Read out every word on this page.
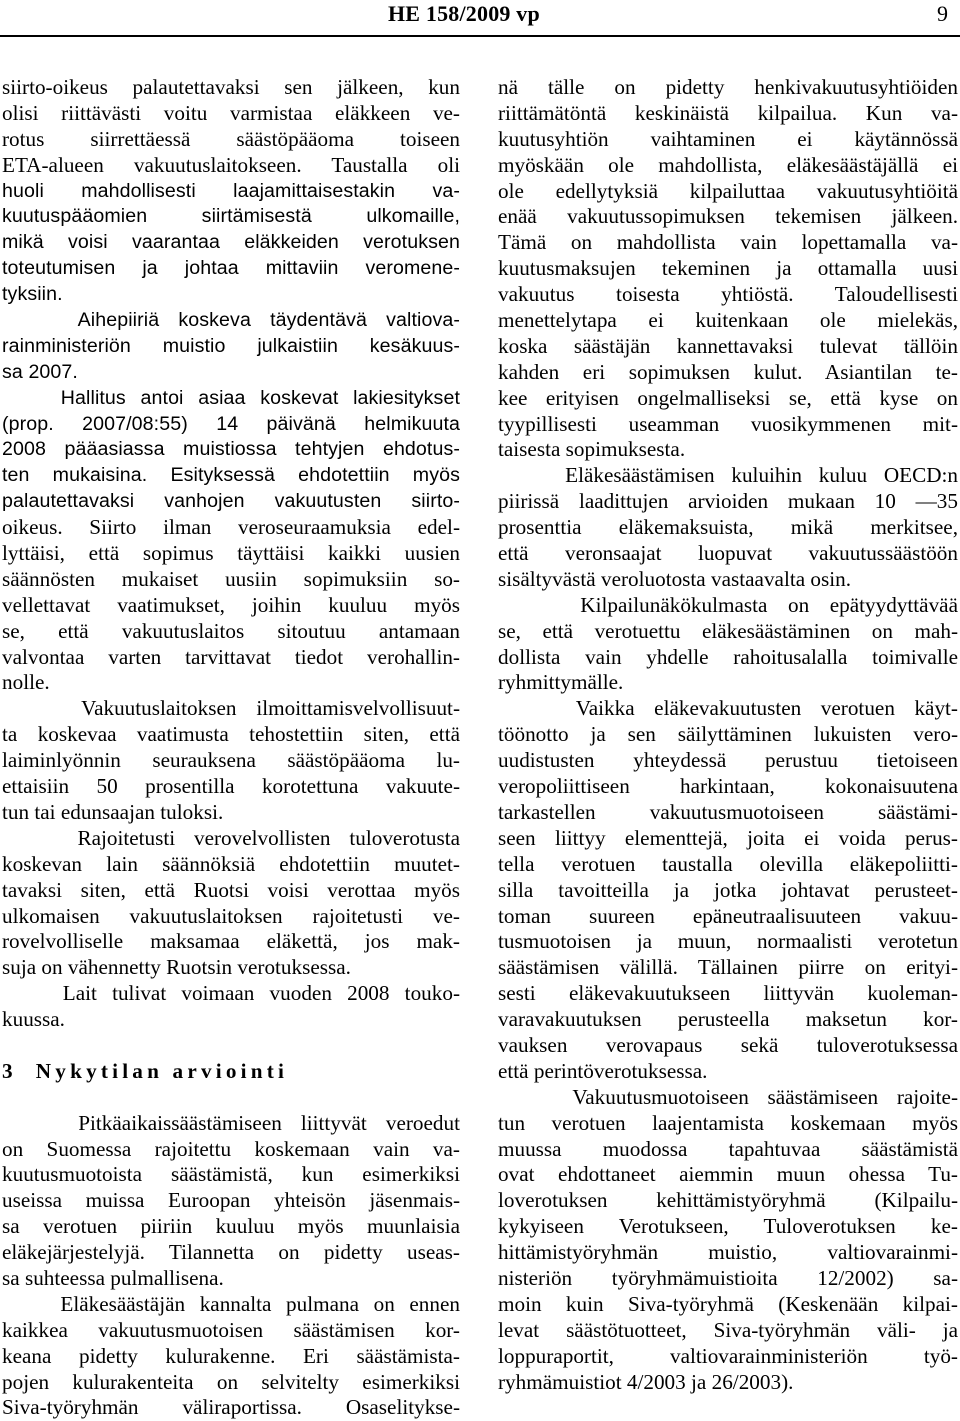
HE 158/2009 vp	9
siirto-oikeus palautettavaksi sen jälkeen, kun
olisi riittävästi voitu varmistaa eläkkeen ve-
rotus siirrettäessä säästöpääoma toiseen
ETA-alueen vakuutuslaitokseen. Taustalla oli
huoli mahdollisesti laajamittaisestakin va-
kuutuspääomien siirtämisestä ulkomaille,
mikä voisi vaarantaa eläkkeiden verotuksen
toteutumisen ja johtaa mittaviin veromene-
tyksiin.
Aihepiiriä koskeva täydentävä valtiova-
rainministeriön muistio julkaistiin kesäkuus-
sa 2007.
Hallitus antoi asiaa koskevat lakiesitykset
(prop. 2007/08:55) 14 päivänä helmikuuta
2008 pääasiassa muistiossa tehtyjen ehdotus-
ten mukaisina. Esityksessä ehdotettiin myös
palautettavaksi vanhojen vakuutusten siirto-
oikeus. Siirto ilman veroseuraamuksia edel-
lyttäisi, että sopimus täyttäisi kaikki uusien
säännösten mukaiset uusiin sopimuksiin so-
vellettavat vaatimukset, joihin kuuluu myös
se, että vakuutuslaitos sitoutuu antamaan
valvontaa varten tarvittavat tiedot verohallin-
nolle.
Vakuutuslaitoksen ilmoittamisvelvollisuut-
ta koskevaa vaatimusta tehostettiin siten, että
laiminlyönnin seurauksena säästöpääoma lu-
ettaisiin 50 prosentilla korotettuna vakuute-
tun tai edunsaajan tuloksi.
Rajoitetusti verovelvollisten tuloverotusta
koskevan lain säännöksiä ehdotettiin muutet-
tavaksi siten, että Ruotsi voisi verottaa myös
ulkomaisen vakuutuslaitoksen rajoitetusti ve-
rovelvolliselle maksamaa eläkettä, jos mak-
suja on vähennetty Ruotsin verotuksessa.
Lait tulivat voimaan vuoden 2008 touko-
kuussa.
3  Nykytilan arviointi
Pitkäaikaissäästämiseen liittyvät veroedut
on Suomessa rajoitettu koskemaan vain va-
kuutusmuotoista säästämistä, kun esimerkiksi
useissa muissa Euroopan yhteisön jäsenmais-
sa verotuen piiriin kuuluu myös muunlaisia
eläkejärjestelyjä. Tilannetta on pidetty useas-
sa suhteessa pulmallisena.
Eläkesäästäjän kannalta pulmana on ennen
kaikkea vakuutusmuotoisen säästämisen kor-
keana pidetty kulurakenne. Eri säästämista-
pojen kulurakenteita on selvitelty esimerkiksi
Siva-työryhmän väliraportissa. Osaselitykse-
nä tälle on pidetty henkivakuutusyhtiöiden
riittämätöntä keskinäistä kilpailua. Kun va-
kuutusyhtiön vaihtaminen ei käytännössä
myöskään ole mahdollista, eläkesäästäjällä ei
ole edellytyksiä kilpailuttaa vakuutusyhtiöitä
enää vakuutussopimuksen tekemisen jälkeen.
Tämä on mahdollista vain lopettamalla va-
kuutusmaksujen tekeminen ja ottamalla uusi
vakuutus toisesta yhtiöstä. Taloudellisesti
menettelytapa ei kuitenkaan ole mielekäs,
koska säästäjän kannettavaksi tulevat tällöin
kahden eri sopimuksen kulut. Asiantilan te-
kee erityisen ongelmalliseksi se, että kyse on
tyypillisesti useamman vuosikymmenen mit-
taisesta sopimuksesta.
Eläkesäästämisen kuluihin kuluu OECD:n
piirissä laadittujen arvioiden mukaan 10 —35
prosenttia eläkemaksuista, mikä merkitsee,
että veronsaajat luopuvat vakuutussäästöön
sisältyvästä veroluotosta vastaavalta osin.
Kilpailunäkökulmasta on epätyydyttävää
se, että verotuettu eläkesäästäminen on mah-
dollista vain yhdelle rahoitusalalla toimivalle
ryhmittymälle.
Vaikka eläkevakuutusten verotuen käyt-
töönotto ja sen säilyttäminen lukuisten vero-
uudistusten yhteydessä perustuu tietoiseen
veropoliittiseen harkintaan, kokonaisuutena
tarkastellen vakuutusmuotoiseen säästämi-
seen liittyy elementtejä, joita ei voida perus-
tella verotuen taustalla olevilla eläkepoliitti-
silla tavoitteilla ja jotka johtavat perusteet-
toman suureen epäneutraalisuuteen vakuu-
tusmuotoisen ja muun, normaalisti verotetun
säästämisen välillä. Tällainen piirre on erityi-
sesti eläkevakuutukseen liittyvän kuoleman-
varavakuutuksen perusteella maksetun kor-
vauksen verovapaus sekä tuloverotuksessa
että perintöverotuksessa.
Vakuutusmuotoiseen säästämiseen rajoite-
tun verotuen laajentamista koskemaan myös
muussa muodossa tapahtuvaa säästämistä
ovat ehdottaneet aiemmin muun ohessa Tu-
loverotuksen kehittämistyöryhmä (Kilpailu-
kykyiseen Verotukseen, Tuloverotuksen ke-
hittämistyöryhmän muistio, valtiovarainmi-
nisteriön työryhmämuistioita 12/2002) sa-
moin kuin Siva-työryhmä (Keskenään kilpai-
levat säästötuotteet, Siva-työryhmän väli- ja
loppuraportit, valtiovarainministeriön työ-
ryhmämuistiot 4/2003 ja 26/2003).
